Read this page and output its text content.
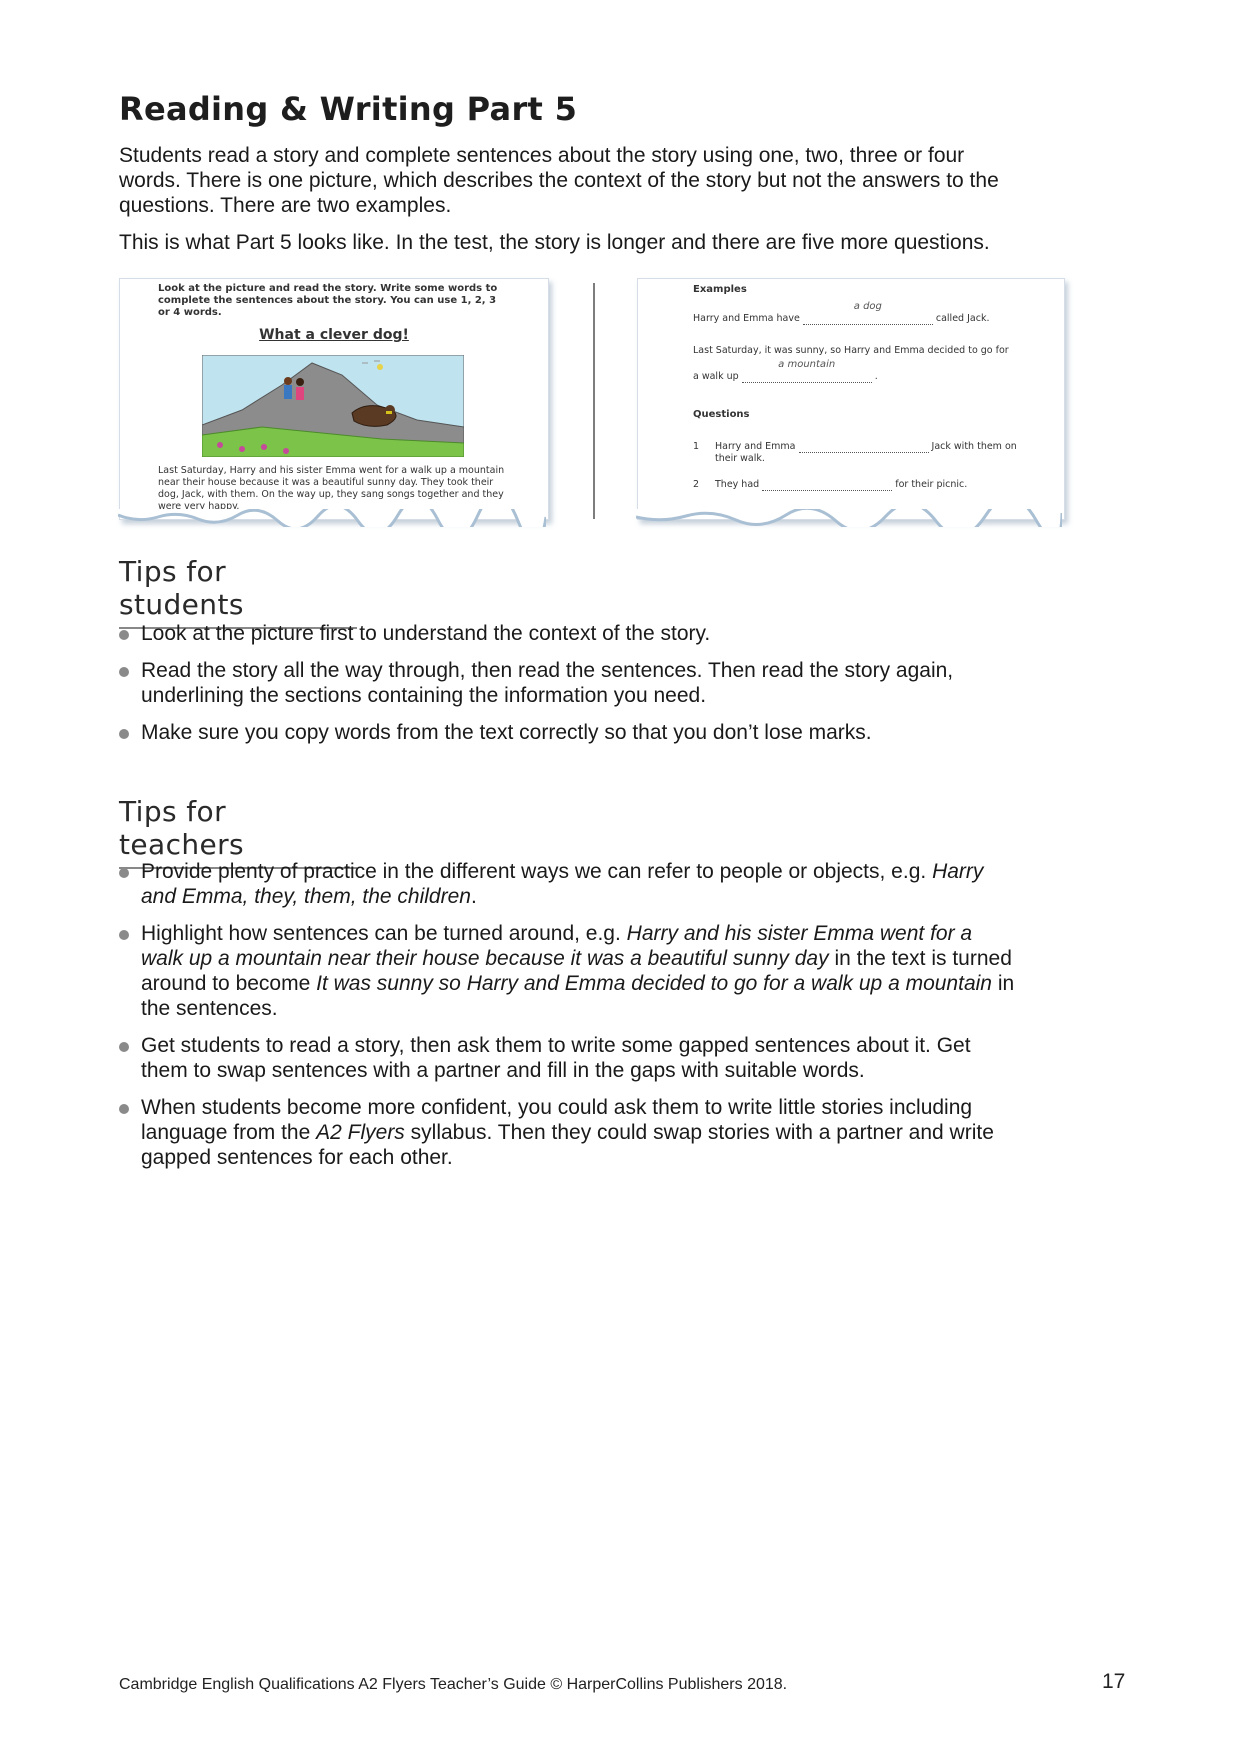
Reading & Writing Part 5

Students read a story and complete sentences about the story using one, two, three or four words. There is one picture, which describes the context of the story but not the answers to the questions. There are two examples.

This is what Part 5 looks like. In the test, the story is longer and there are five more questions.

Look at the picture and read the story. Write some words to complete the sentences about the story. You can use 1, 2, 3 or 4 words.

What a clever dog!

Last Saturday, Harry and his sister Emma went for a walk up a mountain near their house because it was a beautiful sunny day. They took their dog, Jack, with them. On the way up, they sang songs together and they were very happy.

Examples
Harry and Emma have
a dog
called Jack.
Last Saturday, it was sunny, so Harry and Emma decided to go for
a walk up
a mountain
.
Questions
1 Harry and Emma	Jack with them on
their walk.
2 They had	for their picnic.
Tips for students
Look at the picture first to understand the context of the story.
Read the story all the way through, then read the sentences. Then read the story again, underlining the sections containing the information you need.
Make sure you copy words from the text correctly so that you don’t lose marks.
Tips for teachers
Provide plenty of practice in the different ways we can refer to people or objects, e.g. Harry and Emma, they, them, the children.
Highlight how sentences can be turned around, e.g. Harry and his sister Emma went for a walk up a mountain near their house because it was a beautiful sunny day in the text is turned around to become It was sunny so Harry and Emma decided to go for a walk up a mountain in the sentences.
Get students to read a story, then ask them to write some gapped sentences about it. Get them to swap sentences with a partner and fill in the gaps with suitable words.
When students become more confident, you could ask them to write little stories including language from the A2 Flyers syllabus. Then they could swap stories with a partner and write gapped sentences for each other.
Cambridge English Qualifications A2 Flyers Teacher’s Guide © HarperCollins Publishers 2018.	17
